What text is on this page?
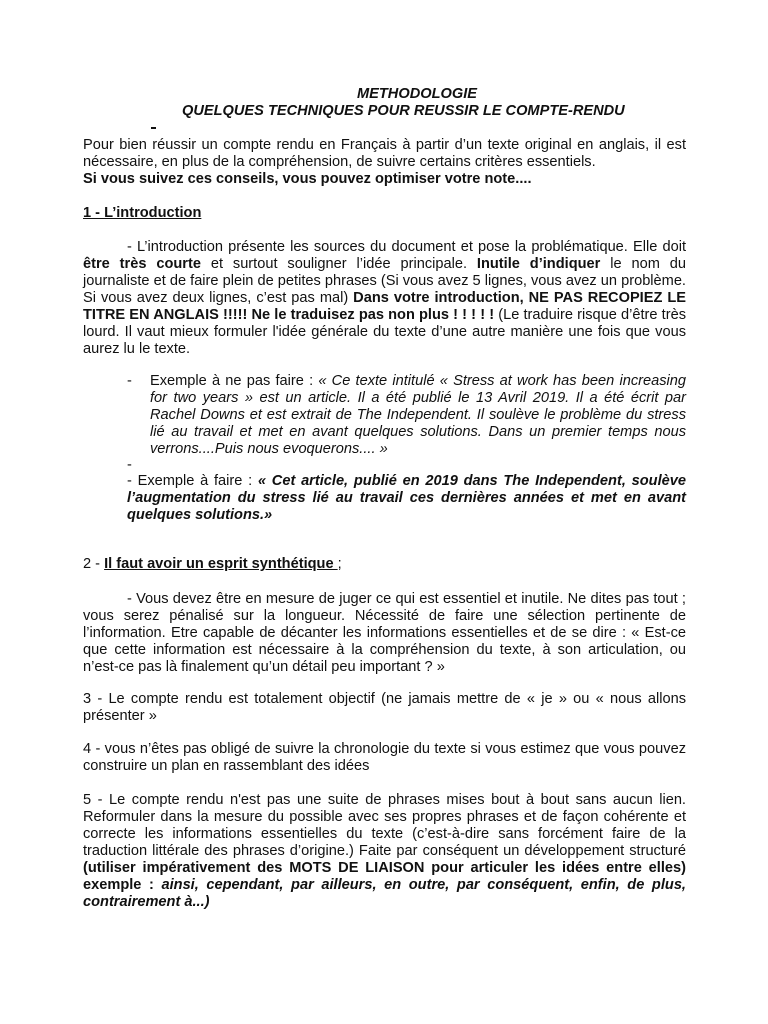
METHODOLOGIE
QUELQUES TECHNIQUES POUR REUSSIR LE COMPTE-RENDU
Pour bien réussir un compte rendu en Français à partir d’un texte original en anglais, il est nécessaire, en plus de la compréhension, de suivre certains critères essentiels.
Si vous suivez ces conseils, vous pouvez optimiser votre note....
1 - L’introduction
- L’introduction présente les sources du document et pose la problématique. Elle doit être très courte et surtout souligner l’idée principale. Inutile d’indiquer le nom du journaliste et de faire plein de petites phrases (Si vous avez 5 lignes, vous avez un problème. Si vous avez deux lignes, c’est pas mal) Dans votre introduction, NE PAS RECOPIEZ LE TITRE EN ANGLAIS !!!!! Ne le traduisez pas non plus ! ! ! ! ! (Le traduire risque d’être très lourd. Il vaut mieux formuler l'idée générale du texte d’une autre manière une fois que vous aurez lu le texte.
- Exemple à ne pas faire : « Ce texte intitulé « Stress at work has been increasing for two years » est un article. Il a été publié le 13 Avril 2019. Il a été écrit par Rachel Downs et est extrait de The Independent. Il soulève le problème du stress lié au travail et met en avant quelques solutions. Dans un premier temps nous verrons....Puis nous evoquerons.... »
-
- Exemple à faire : « Cet article, publié en 2019 dans The Independent, soulève l’augmentation du stress lié au travail ces dernières années et met en avant quelques solutions.»
2 - Il faut avoir un esprit synthétique ;
- Vous devez être en mesure de juger ce qui est essentiel et inutile. Ne dites pas tout ; vous serez pénalisé sur la longueur. Nécessité de faire une sélection pertinente de l’information. Etre capable de décanter les informations essentielles et de se dire : « Est-ce que cette information est nécessaire à la compréhension du texte, à son articulation, ou n’est-ce pas là finalement qu’un détail peu important ? »
3 - Le compte rendu est totalement objectif (ne jamais mettre de « je » ou « nous allons présenter »
4 - vous n’êtes pas obligé de suivre la chronologie du texte si vous estimez que vous pouvez construire un plan en rassemblant des idées
5 - Le compte rendu n'est pas une suite de phrases mises bout à bout sans aucun lien. Reformuler dans la mesure du possible avec ses propres phrases et de façon cohérente et correcte les informations essentielles du texte (c’est-à-dire sans forcément faire de la traduction littérale des phrases d’origine.) Faite par conséquent un développement structuré (utiliser impérativement des MOTS DE LIAISON pour articuler les idées entre elles) exemple : ainsi, cependant, par ailleurs, en outre, par conséquent, enfin, de plus, contrairement à...)
